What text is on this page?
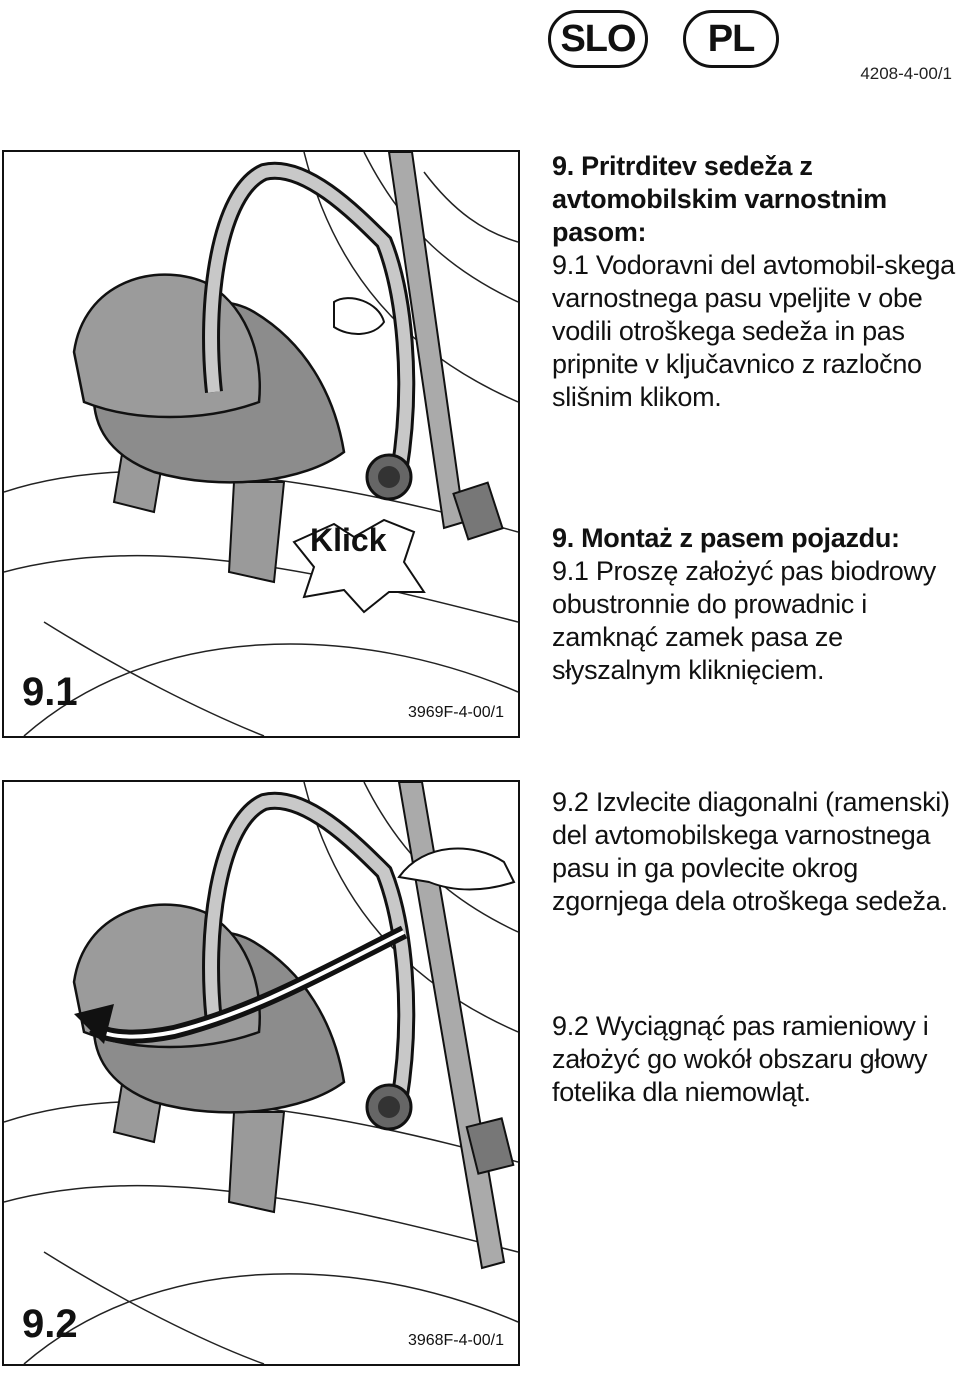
SLO	PL
4208-4-00/1
Klick
9.1	3969F-4-00/1

9. Pritrditev sedeža z avtomobilskim varnostnim pasom:

9.1 Vodoravni del avtomobil-skega varnostnega pasu vpeljite v obe vodili otroškega sedeža in pas pripnite v ključavnico z razločno slišnim klikom.

9. Montaż z pasem pojazdu:

9.1 Proszę założyć pas biodrowy obustronnie do prowadnic i zamknąć zamek pasa ze słyszalnym kliknięciem.

9.2	3968F-4-00/1

9.2 Izvlecite diagonalni (ramenski) del avtomobilskega varnostnega pasu in ga povlecite okrog zgornjega dela otroškega sedeža.

9.2 Wyciągnąć pas ramieniowy i założyć go wokół obszaru głowy fotelika dla niemowląt.
